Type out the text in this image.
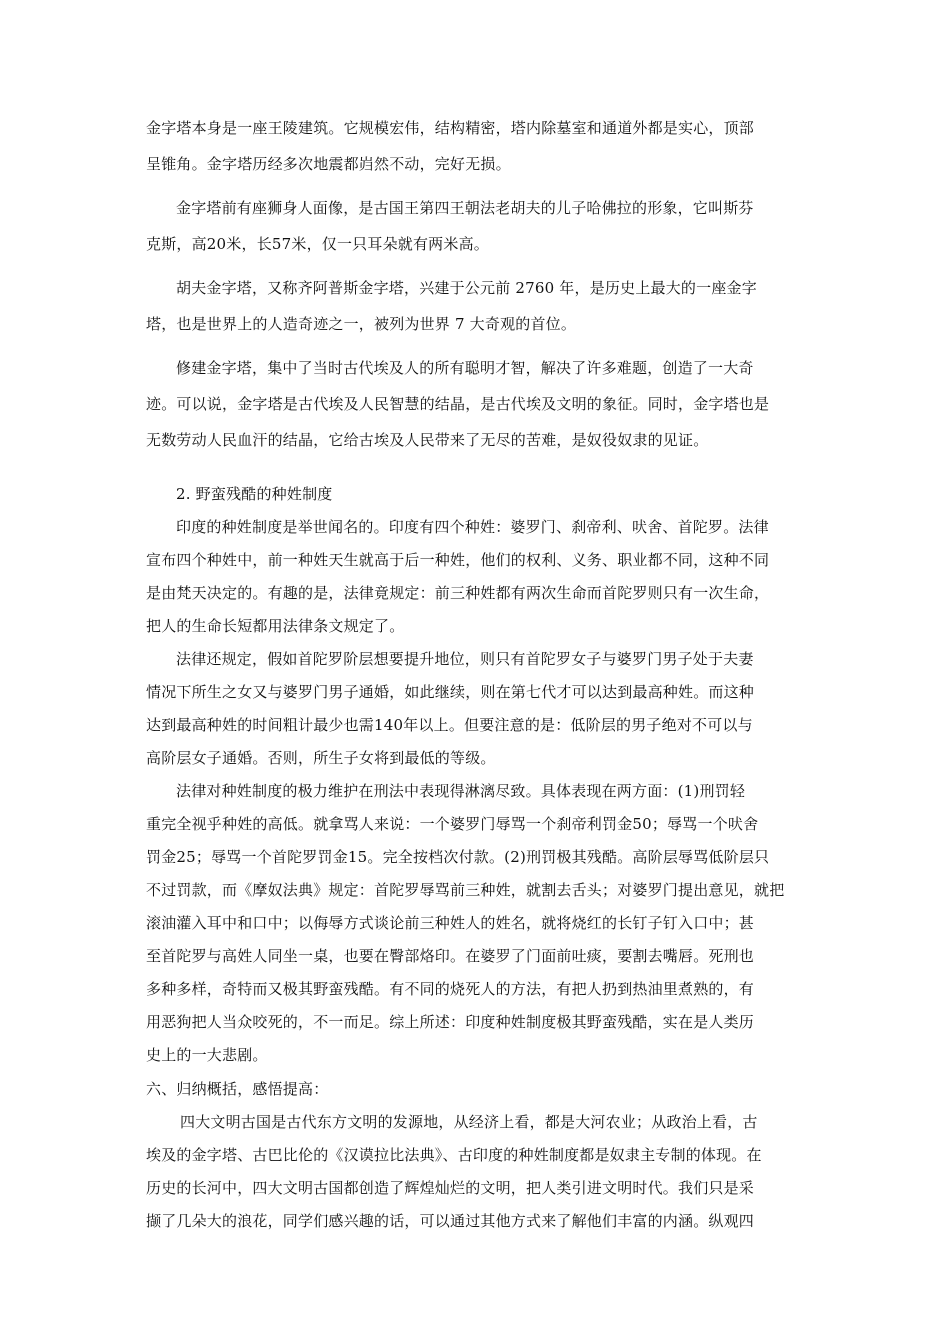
金字塔本身是一座王陵建筑。它规模宏伟，结构精密，塔内除墓室和通道外都是实心，顶部
呈锥角。金字塔历经多次地震都岿然不动，完好无损。
金字塔前有座狮身人面像，是古国王第四王朝法老胡夫的儿子哈佛拉的形象，它叫斯芬
克斯，高20米，长57米，仅一只耳朵就有两米高。
胡夫金字塔，又称齐阿普斯金字塔，兴建于公元前 2760 年，是历史上最大的一座金字
塔，也是世界上的人造奇迹之一，被列为世界 7 大奇观的首位。
修建金字塔，集中了当时古代埃及人的所有聪明才智，解决了许多难题，创造了一大奇
迹。可以说，金字塔是古代埃及人民智慧的结晶，是古代埃及文明的象征。同时，金字塔也是
无数劳动人民血汗的结晶，它给古埃及人民带来了无尽的苦难，是奴役奴隶的见证。
2. 野蛮残酷的种姓制度
印度的种姓制度是举世闻名的。印度有四个种姓：婆罗门、刹帝利、吠舍、首陀罗。法律
宣布四个种姓中，前一种姓天生就高于后一种姓，他们的权利、义务、职业都不同，这种不同
是由梵天决定的。有趣的是，法律竟规定：前三种姓都有两次生命而首陀罗则只有一次生命，
把人的生命长短都用法律条文规定了。
法律还规定，假如首陀罗阶层想要提升地位，则只有首陀罗女子与婆罗门男子处于夫妻
情况下所生之女又与婆罗门男子通婚，如此继续，则在第七代才可以达到最高种姓。而这种
达到最高种姓的时间粗计最少也需140年以上。但要注意的是：低阶层的男子绝对不可以与
高阶层女子通婚。否则，所生子女将到最低的等级。
法律对种姓制度的极力维护在刑法中表现得淋漓尽致。具体表现在两方面：(1)刑罚轻
重完全视乎种姓的高低。就拿骂人来说：一个婆罗门辱骂一个刹帝利罚金50；辱骂一个吠舍
罚金25；辱骂一个首陀罗罚金15。完全按档次付款。(2)刑罚极其残酷。高阶层辱骂低阶层只
不过罚款，而《摩奴法典》规定：首陀罗辱骂前三种姓，就割去舌头；对婆罗门提出意见，就把
滚油灌入耳中和口中；以侮辱方式谈论前三种姓人的姓名，就将烧红的长钉子钉入口中；甚
至首陀罗与高姓人同坐一桌，也要在臀部烙印。在婆罗了门面前吐痰，要割去嘴唇。死刑也
多种多样，奇特而又极其野蛮残酷。有不同的烧死人的方法，有把人扔到热油里煮熟的，有
用恶狗把人当众咬死的，不一而足。综上所述：印度种姓制度极其野蛮残酷，实在是人类历
史上的一大悲剧。
六、归纳概括，感悟提高：
四大文明古国是古代东方文明的发源地，从经济上看，都是大河农业；从政治上看，古
埃及的金字塔、古巴比伦的《汉谟拉比法典》、古印度的种姓制度都是奴隶主专制的体现。在
历史的长河中，四大文明古国都创造了辉煌灿烂的文明，把人类引进文明时代。我们只是采
撷了几朵大的浪花，同学们感兴趣的话，可以通过其他方式来了解他们丰富的内涵。纵观四
